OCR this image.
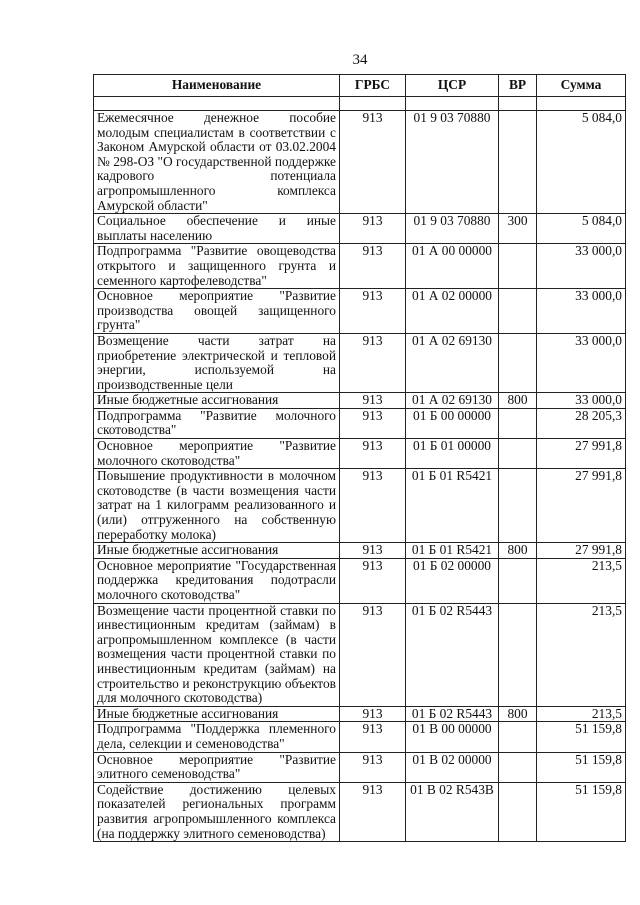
34
Наименование	ГРБС	ЦСР	ВР	Сумма

Ежемесячное денежное пособие молодым специалистам в соответствии с Законом Амурской области от 03.02.2004 № 298-ОЗ "О государственной поддержке кадрового потенциала агропромышленного комплекса Амурской области"	913	01 9 03 70880		5 084,0
Социальное обеспечение и иные выплаты населению	913	01 9 03 70880	300	5 084,0
Подпрограмма "Развитие овощеводства открытого и защищенного грунта и семенного картофелеводства"	913	01 А 00 00000		33 000,0
Основное мероприятие "Развитие производства овощей защищенного грунта"	913	01 А 02 00000		33 000,0
Возмещение части затрат на приобретение электрической и тепловой энергии, используемой на производственные цели	913	01 А 02 69130		33 000,0
Иные бюджетные ассигнования	913	01 А 02 69130	800	33 000,0
Подпрограмма "Развитие молочного скотоводства"	913	01 Б 00 00000		28 205,3
Основное мероприятие "Развитие молочного скотоводства"	913	01 Б 01 00000		27 991,8
Повышение продуктивности в молочном скотоводстве (в части возмещения части затрат на 1 килограмм реализованного и (или) отгруженного на собственную переработку молока)	913	01 Б 01 R5421		27 991,8
Иные бюджетные ассигнования	913	01 Б 01 R5421	800	27 991,8
Основное мероприятие "Государственная поддержка кредитования подотрасли молочного скотоводства"	913	01 Б 02 00000		213,5
Возмещение части процентной ставки по инвестиционным кредитам (займам) в агропромышленном комплексе (в части возмещения части процентной ставки по инвестиционным кредитам (займам) на строительство и реконструкцию объектов для молочного скотоводства)	913	01 Б 02 R5443		213,5
Иные бюджетные ассигнования	913	01 Б 02 R5443	800	213,5
Подпрограмма "Поддержка племенного дела, селекции и семеноводства"	913	01 В 00 00000		51 159,8
Основное мероприятие "Развитие элитного семеноводства"	913	01 В 02 00000		51 159,8
Содействие достижению целевых показателей региональных программ развития агропромышленного комплекса (на поддержку элитного семеноводства)	913	01 В 02 R543В		51 159,8
